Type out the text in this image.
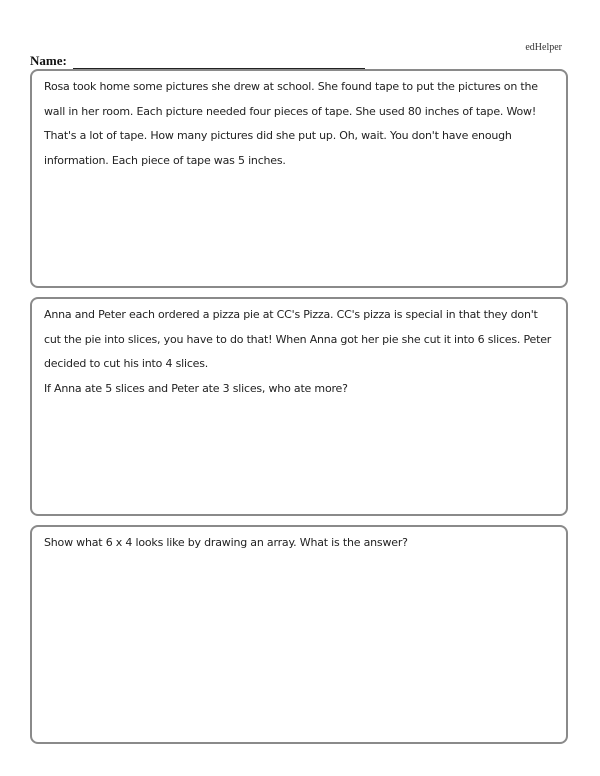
edHelper
Name:

Rosa took home some pictures she drew at school. She found tape to put the pictures on the wall in her room. Each picture needed four pieces of tape. She used 80 inches of tape. Wow! That's a lot of tape. How many pictures did she put up. Oh, wait. You don't have enough information. Each piece of tape was 5 inches.

Anna and Peter each ordered a pizza pie at CC's Pizza. CC's pizza is special in that they don't cut the pie into slices, you have to do that! When Anna got her pie she cut it into 6 slices. Peter decided to cut his into 4 slices.

If Anna ate 5 slices and Peter ate 3 slices, who ate more?

Show what 6 x 4 looks like by drawing an array. What is the answer?
